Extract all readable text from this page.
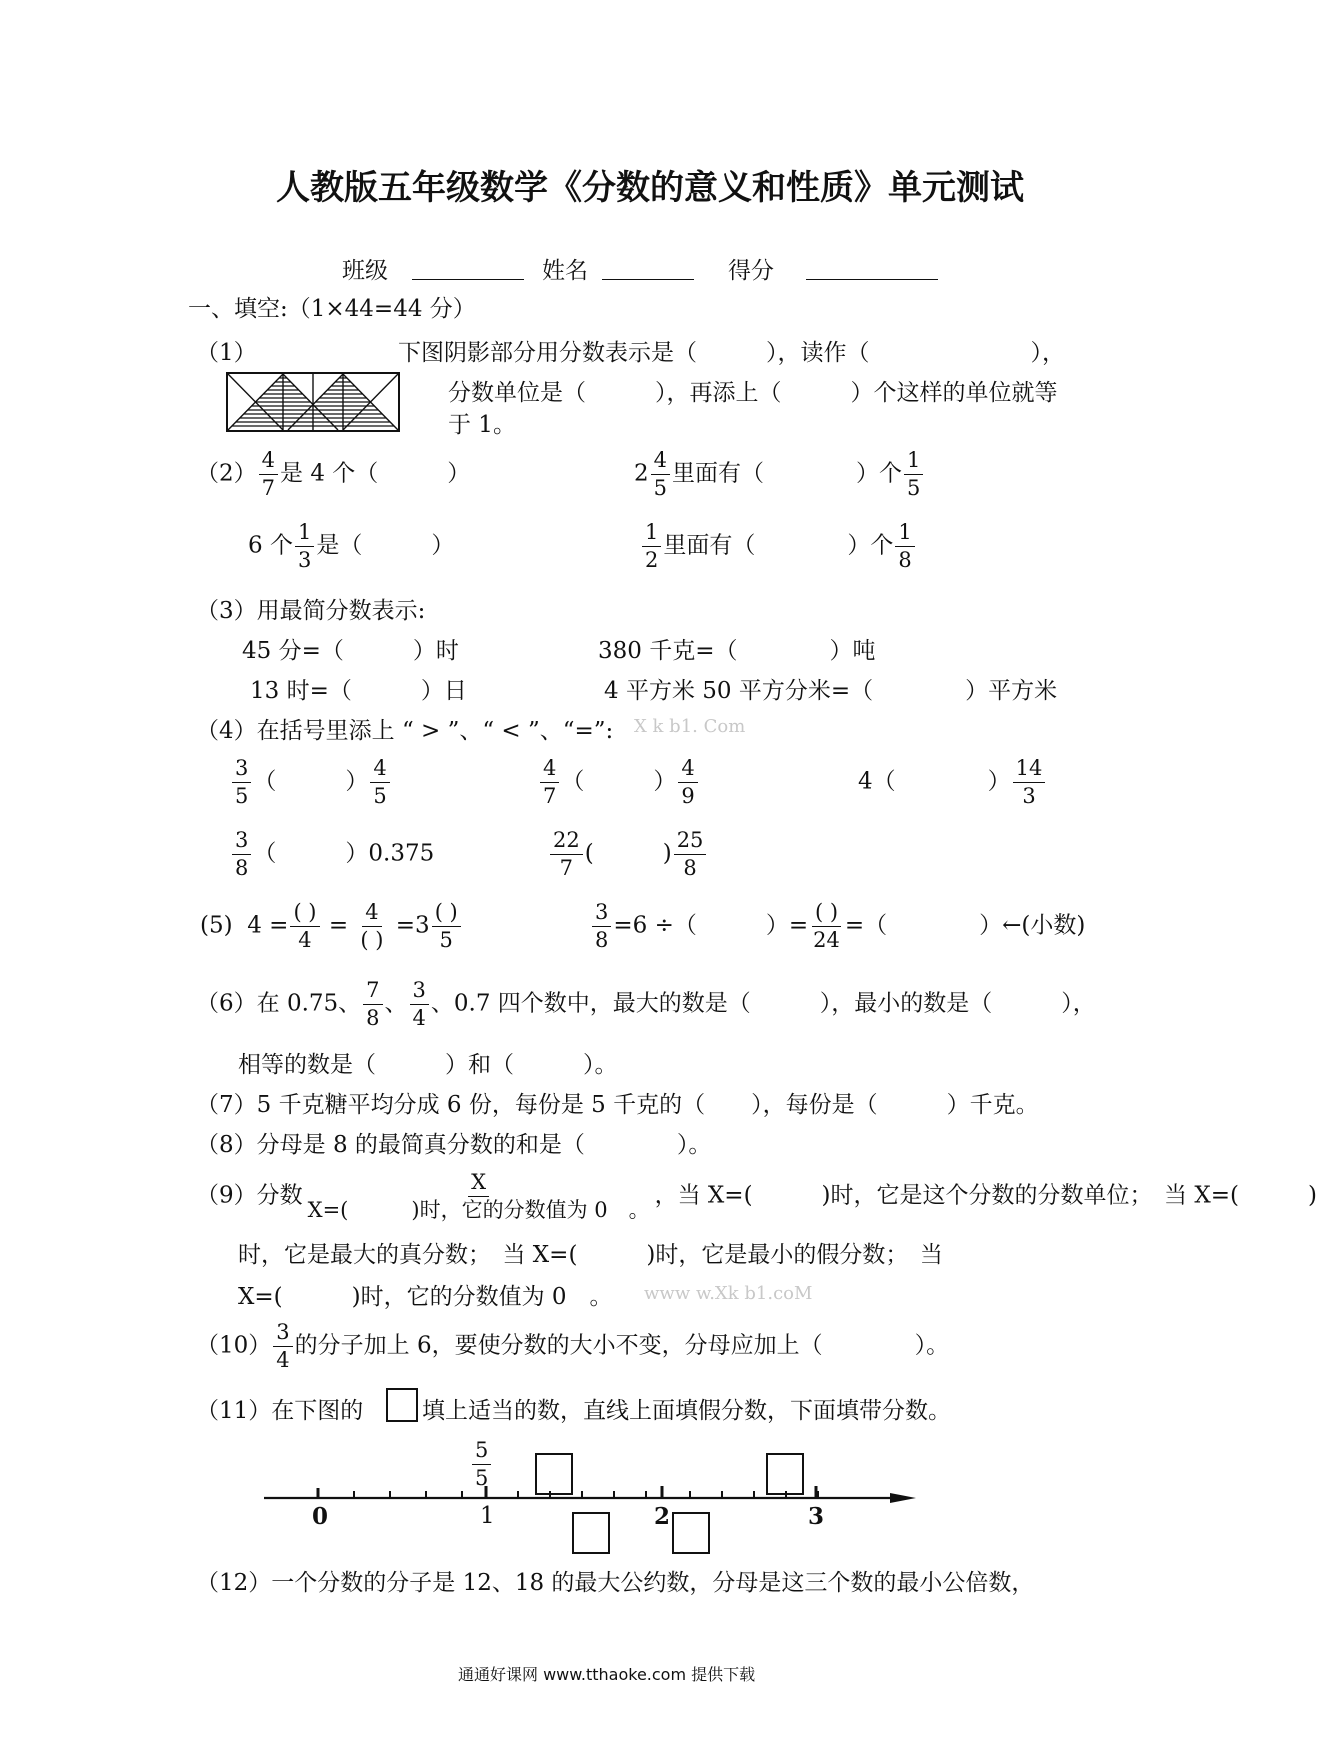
人教版五年级数学《分数的意义和性质》单元测试
班级	姓名	得分
一、填空:（1×44=44 分）
（1）	下图阴影部分用分数表示是（　　　），读作（　　　　　　　），
分数单位是（　　　），再添上（　　　）个这样的单位就等
于 1。
$(2) \frac{4}{7}$ 是 4 个（　　　）	$2 \frac{4}{5}$ 里面有（　　　　）个 $\frac{1}{5}$
6 个 $\frac{1}{3}$ 是（　　　）	$\frac{1}{2}$ 里面有（　　　　）个 $\frac{1}{8}$
（3）用最简分数表示:
45 分=（　　　）时	380 千克=（　　　　）吨
13 时=（　　　）日	4 平方米 50 平方分米=（　　　　）平方米
（4）在括号里添上 “ > ”、“ < ”、“=”: X k b1. Com
$\frac{3}{5}$ （　　　） $\frac{4}{5}$	$\frac{4}{7}$ （　　　） $\frac{4}{9}$	4（　　　　） $\frac{14}{3}$
$\frac{3}{8}$ （　　　）0.375	$\frac{22}{7}$ (　　　) $\frac{25}{8}$
(5) $4 = \frac{( )}{4} = \frac{4}{( )} =3 \frac{( )}{5}$	$\frac{3}{8} =6$ ÷（　　　）= $\frac{( )}{24}$ =（　　　　）←(小数)
（6）在 0.75、 $\frac{7}{8}$ 、 $\frac{3}{4}$ 、0.7 四个数中，最大的数是（　　　），最小的数是（　　　），
相等的数是（　　　）和（　　　）。
（7）5 千克糖平均分成 6 份，每份是 5 千克的（　　），每份是（　　　）千克。
（8）分母是 8 的最简真分数的和是（　　　　）。
（9）分数 $\frac{X}{\text{X=(　　　)时，它的分数值为 0　。}}$ ，当 X=(　　　)时，它是这个分数的分数单位；　当 X=(　　　)
时，它是最大的真分数；　当 X=(　　　)时，它是最小的假分数；　当
X=(　　　)时，它的分数值为 0　。 www w.Xk b1.coM
$(10) \frac{3}{4}$ 的分子加上 6，要使分数的大小不变，分母应加上（　　　　）。
（11）在下图的	填上适当的数，直线上面填假分数，下面填带分数。
$\frac{5}{5}$
0	1	2	3
（12）一个分数的分子是 12、18 的最大公约数，分母是这三个数的最小公倍数，
通通好课网 www.tthaoke.com 提供下载
